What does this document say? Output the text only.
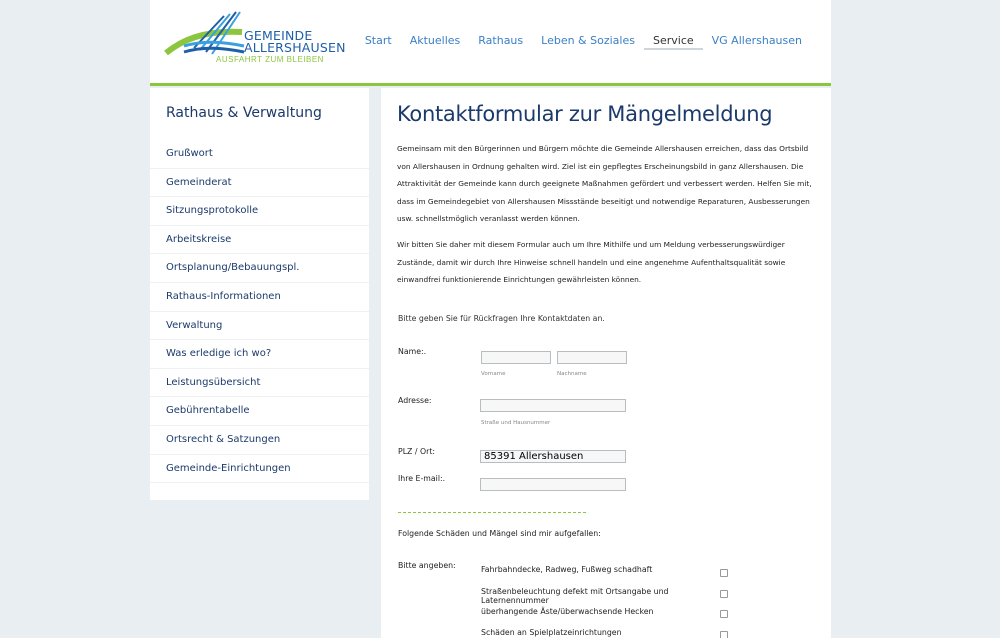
GEMEINDE
ALLERSHAUSEN
AUSFAHRT ZUM BLEIBEN
Start	Aktuelles	Rathaus	Leben & Soziales	Service	VG Allershausen
Rathaus & Verwaltung
Grußwort
Gemeinderat
Sitzungsprotokolle
Arbeitskreise
Ortsplanung/Bebauungspl.
Rathaus-Informationen
Verwaltung
Was erledige ich wo?
Leistungsübersicht
Gebührentabelle
Ortsrecht & Satzungen
Gemeinde-Einrichtungen
Kontaktformular zur Mängelmeldung

Gemeinsam mit den Bürgerinnen und Bürgern möchte die Gemeinde Allershausen erreichen, dass das Ortsbild von Allershausen in Ordnung gehalten wird. Ziel ist ein gepflegtes Erscheinungsbild in ganz Allershausen. Die Attraktivität der Gemeinde kann durch geeignete Maßnahmen gefördert und verbessert werden. Helfen Sie mit, dass im Gemeindegebiet von Allershausen Missstände beseitigt und notwendige Reparaturen, Ausbesserungen usw. schnellstmöglich veranlasst werden können.

Wir bitten Sie daher mit diesem Formular auch um Ihre Mithilfe und um Meldung verbesserungswürdiger Zustände, damit wir durch Ihre Hinweise schnell handeln und eine angenehme Aufenthaltsqualität sowie einwandfrei funktionierende Einrichtungen gewährleisten können.

Bitte geben Sie für Rückfragen Ihre Kontaktdaten an.
Name:.
Vorname	Nachname
Adresse:
Straße und Hausnummer
PLZ / Ort:
85391 Allershausen
Ihre E-mail:.
Folgende Schäden und Mängel sind mir aufgefallen:
Bitte angeben:	Fahrbahndecke, Radweg, Fußweg schadhaft
Straßenbeleuchtung defekt mit Ortsangabe und Laternennummer
überhangende Äste/überwachsende Hecken
Schäden an Spielplatzeinrichtungen
